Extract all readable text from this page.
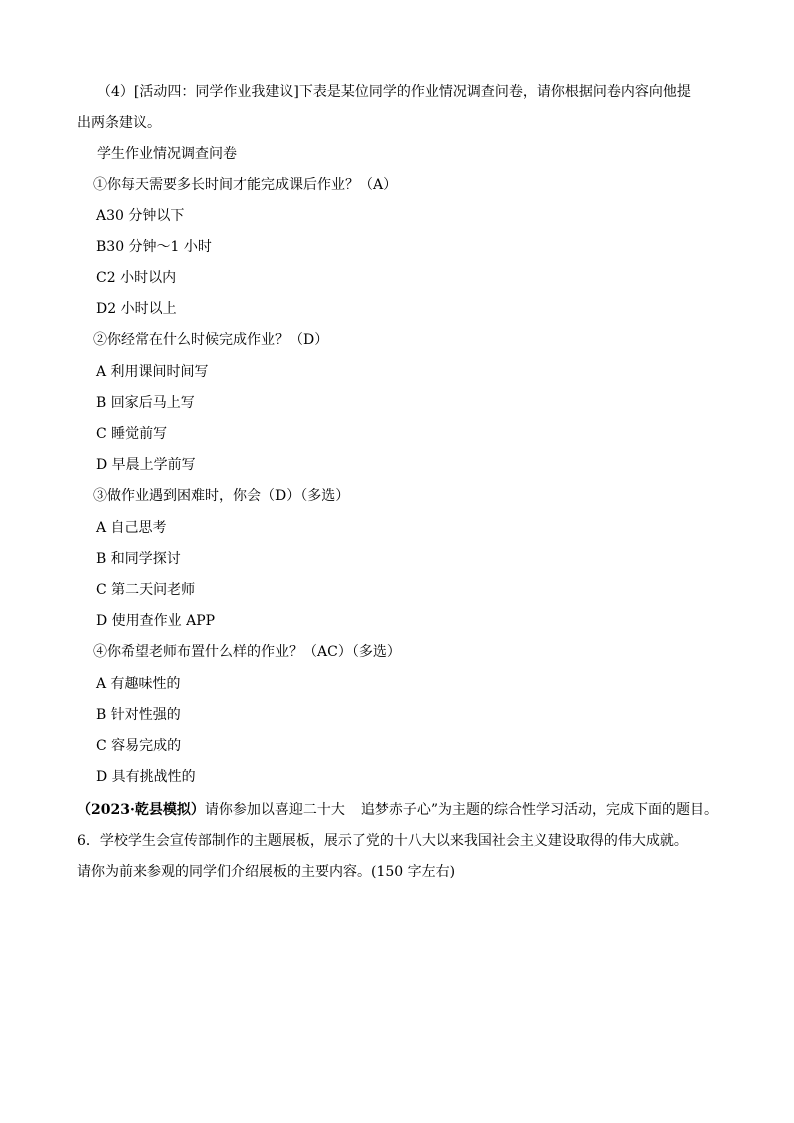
（4）[活动四：同学作业我建议]下表是某位同学的作业情况调查问卷，请你根据问卷内容向他提
出两条建议。
学生作业情况调查问卷
①你每天需要多长时间才能完成课后作业？（A）
A30 分钟以下
B30 分钟～1 小时
C2 小时以内
D2 小时以上
②你经常在什么时候完成作业？（D）
A 利用课间时间写
B 回家后马上写
C 睡觉前写
D 早晨上学前写
③做作业遇到困难时，你会（D）（多选）
A 自己思考
B 和同学探讨
C 第二天问老师
D 使用查作业 APP
④你希望老师布置什么样的作业？（AC）（多选）
A 有趣味性的
B 针对性强的
C 容易完成的
D 具有挑战性的
（2023·乾县模拟）请你参加以喜迎二十大 追梦赤子心”为主题的综合性学习活动，完成下面的题目。
6．学校学生会宣传部制作的主题展板，展示了党的十八大以来我国社会主义建设取得的伟大成就。
请你为前来参观的同学们介绍展板的主要内容。(150 字左右)
